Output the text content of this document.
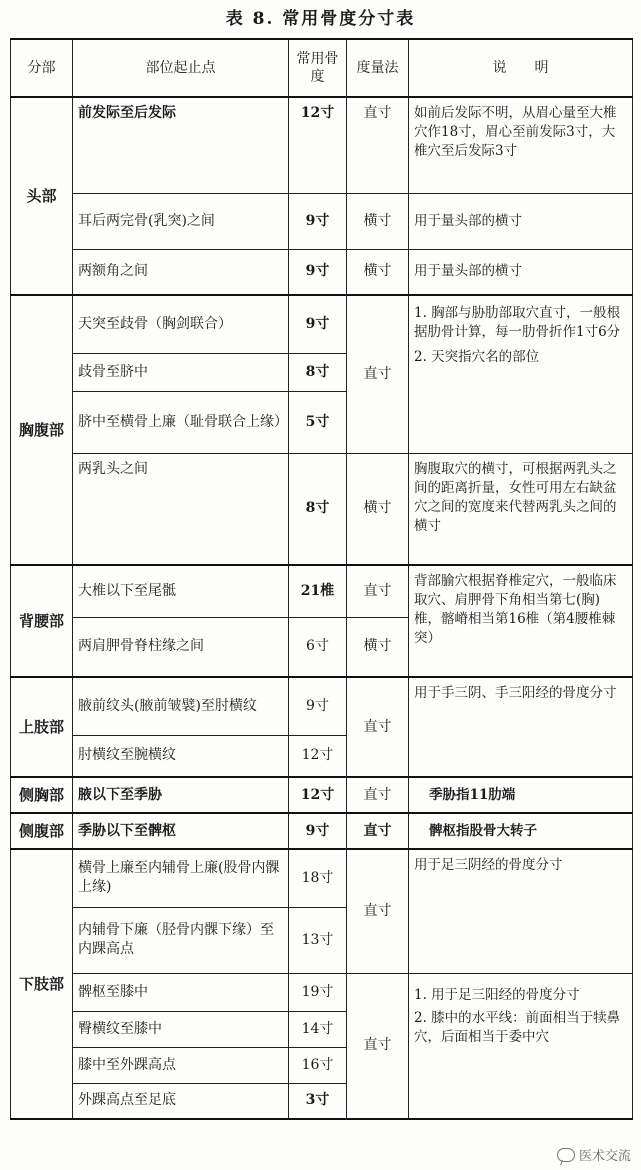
表 8. 常用骨度分寸表
分部	部位起止点	常用骨度	度量法	说　　明
头部	前发际至后发际	12寸	直寸	如前后发际不明，从眉心量至大椎穴作18寸，眉心至前发际3寸，大椎穴至后发际3寸
	耳后两完骨(乳突)之间	9寸	横寸	用于量头部的横寸
	两额角之间	9寸	横寸	用于量头部的横寸
胸腹部	天突至歧骨（胸剑联合）	9寸	直寸	1. 胸部与胁肋部取穴直寸，一般根据肋骨计算，每一肋骨折作1寸6分
2. 天突指穴名的部位

	歧骨至脐中	8寸		
	脐中至横骨上廉（耻骨联合上缘）	5寸		
	两乳头之间	8寸	横寸	胸腹取穴的横寸，可根据两乳头之间的距离折量，女性可用左右缺盆穴之间的宽度来代替两乳头之间的横寸
背腰部	大椎以下至尾骶	21椎	直寸	背部腧穴根据脊椎定穴，一般临床取穴、肩胛骨下角相当第七(胸)椎，髂嵴相当第16椎（第4腰椎棘突）
	两肩胛骨脊柱缘之间	6寸	横寸	
上肢部	腋前纹头(腋前皱襞)至肘横纹	9寸	直寸	用于手三阴、手三阳经的骨度分寸
	肘横纹至腕横纹	12寸		
侧胸部	腋以下至季胁	12寸	直寸	季胁指11肋端
侧腹部	季胁以下至髀枢	9寸	直寸	髀枢指股骨大转子
下肢部	横骨上廉至内辅骨上廉(股骨内髁上缘)	18寸	直寸	用于足三阴经的骨度分寸
	内辅骨下廉（胫骨内髁下缘）至内踝高点	13寸		
	髀枢至膝中	19寸	直寸	1. 用于足三阳经的骨度分寸
2. 膝中的水平线：前面相当于犊鼻穴，后面相当于委中穴

	臀横纹至膝中	14寸		
	膝中至外踝高点	16寸		
	外踝高点至足底	3寸		
医术交流
